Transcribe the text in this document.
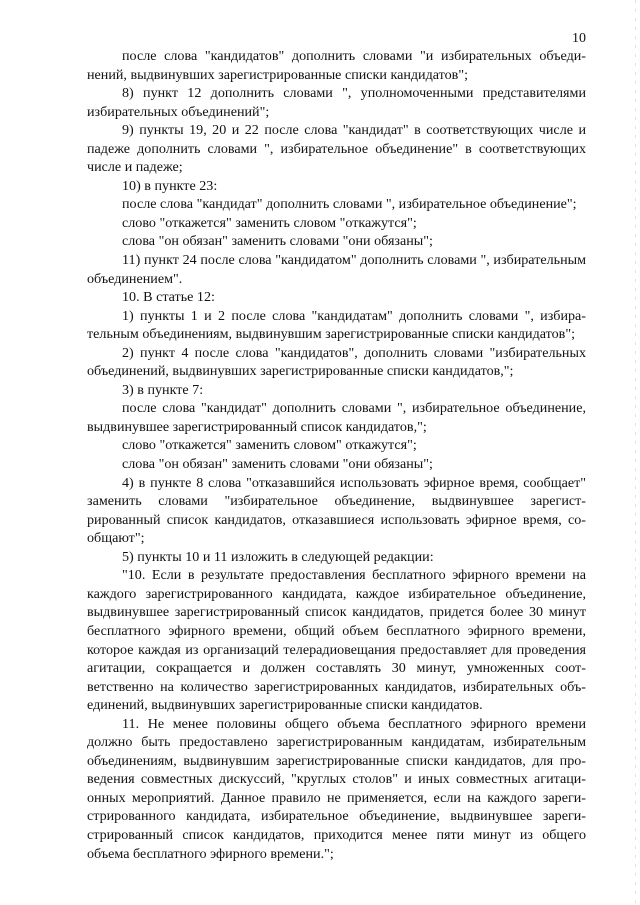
10

после слова "кандидатов" дополнить словами "и избирательных объединений, выдвинувших зарегистрированные списки кандидатов";

8) пункт 12 дополнить словами ", уполномоченными представителями избирательных объединений";

9) пункты 19, 20 и 22 после слова "кандидат" в соответствующих числе и падеже дополнить словами ", избирательное объединение" в соответствующих числе и падеже;

10) в пункте 23:

после слова "кандидат" дополнить словами ", избирательное объединение";

слово "откажется" заменить словом "откажутся";

слова "он обязан" заменить словами "они обязаны";

11) пункт 24 после слова "кандидатом" дополнить словами ", избирательным объединением".

10. В статье 12:

1) пункты 1 и 2 после слова "кандидатам" дополнить словами ", избирательным объединениям, выдвинувшим зарегистрированные списки кандидатов";

2) пункт 4 после слова "кандидатов", дополнить словами "избирательных объединений, выдвинувших зарегистрированные списки кандидатов,";

3) в пункте 7:

после слова "кандидат" дополнить словами ", избирательное объединение, выдвинувшее зарегистрированный список кандидатов,";

слово "откажется" заменить словом" откажутся";

слова "он обязан" заменить словами "они обязаны";

4) в пункте 8 слова "отказавшийся использовать эфирное время, сообщает" заменить словами "избирательное объединение, выдвинувшее зарегистрированный список кандидатов, отказавшиеся использовать эфирное время, сообщают";

5) пункты 10 и 11 изложить в следующей редакции:

"10. Если в результате предоставления бесплатного эфирного времени на каждого зарегистрированного кандидата, каждое избирательное объединение, выдвинувшее зарегистрированный список кандидатов, придется более 30 минут бесплатного эфирного времени, общий объем бесплатного эфирного времени, которое каждая из организаций телерадиовещания предоставляет для проведения агитации, сокращается и должен составлять 30 минут, умноженных соответственно на количество зарегистрированных кандидатов, избирательных объединений, выдвинувших зарегистрированные списки кандидатов.

11. Не менее половины общего объема бесплатного эфирного времени должно быть предоставлено зарегистрированным кандидатам, избирательным объединениям, выдвинувшим зарегистрированные списки кандидатов, для проведения совместных дискуссий, "круглых столов" и иных совместных агитационных мероприятий. Данное правило не применяется, если на каждого зарегистрированного кандидата, избирательное объединение, выдвинувшее зарегистрированный список кандидатов, приходится менее пяти минут из общего объема бесплатного эфирного времени.";
